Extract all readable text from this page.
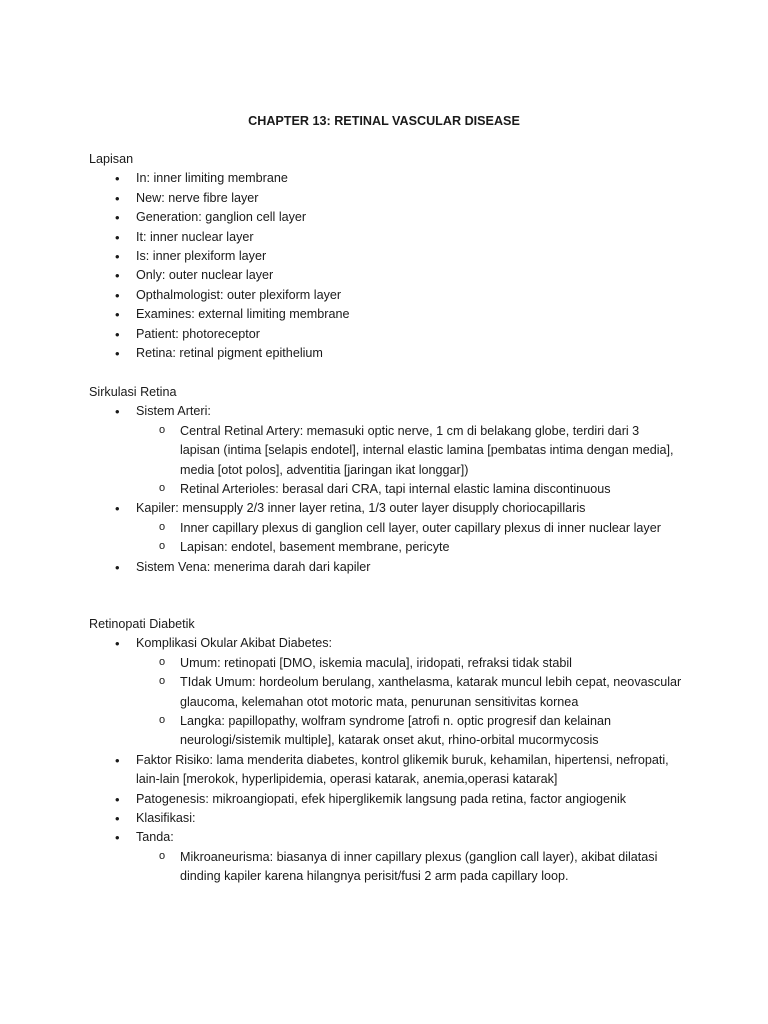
CHAPTER 13: RETINAL VASCULAR DISEASE

Lapisan

• In: inner limiting membrane
• New: nerve fibre layer
• Generation: ganglion cell layer
• It: inner nuclear layer
• Is: inner plexiform layer
• Only: outer nuclear layer
• Opthalmologist: outer plexiform layer
• Examines: external limiting membrane
• Patient: photoreceptor
• Retina: retinal pigment epithelium

Sirkulasi Retina

• Sistem Arteri:
o Central Retinal Artery: memasuki optic nerve, 1 cm di belakang globe, terdiri dari 3 lapisan (intima [selapis endotel], internal elastic lamina [pembatas intima dengan media], media [otot polos], adventitia [jaringan ikat longgar])
o Retinal Arterioles: berasal dari CRA, tapi internal elastic lamina discontinuous
• Kapiler: mensupply 2/3 inner layer retina, 1/3 outer layer disupply choriocapillaris
o Inner capillary plexus di ganglion cell layer, outer capillary plexus di inner nuclear layer
o Lapisan: endotel, basement membrane, pericyte
• Sistem Vena: menerima darah dari kapiler

Retinopati Diabetik

• Komplikasi Okular Akibat Diabetes:
o Umum: retinopati [DMO, iskemia macula], iridopati, refraksi tidak stabil
o TIdak Umum: hordeolum berulang, xanthelasma, katarak muncul lebih cepat, neovascular glaucoma, kelemahan otot motoric mata, penurunan sensitivitas kornea
o Langka: papillopathy, wolfram syndrome [atrofi n. optic progresif dan kelainan neurologi/sistemik multiple], katarak onset akut, rhino-orbital mucormycosis
• Faktor Risiko: lama menderita diabetes, kontrol glikemik buruk, kehamilan, hipertensi, nefropati, lain-lain [merokok, hyperlipidemia, operasi katarak, anemia,operasi katarak]
• Patogenesis: mikroangiopati, efek hiperglikemik langsung pada retina, factor angiogenik
• Klasifikasi:
• Tanda:
o Mikroaneurisma: biasanya di inner capillary plexus (ganglion call layer), akibat dilatasi dinding kapiler karena hilangnya perisit/fusi 2 arm pada capillary loop.
